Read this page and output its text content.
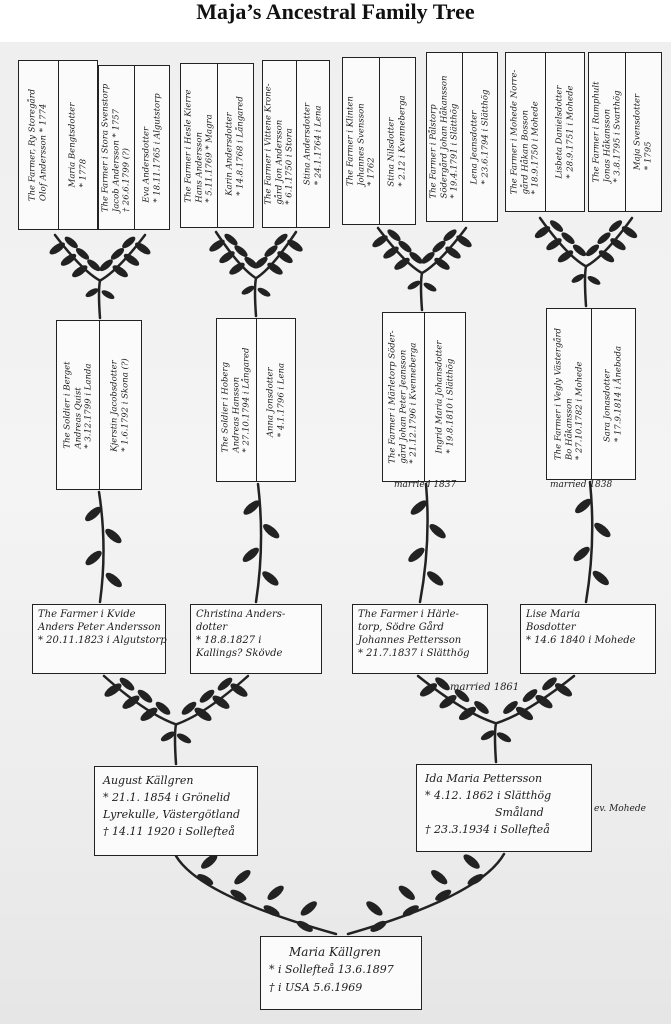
Maja’s Ancestral Family Tree
The Farmer, Ry Storegård Olof Andersson * 1774 Maria Bengtsdotter * 1778 The Farmer i Stora Svenstorp Jacob Andersson * 1757 † 26.6.1799 (?) Eva Andersdotter * 18.11.1765 i Algutstorp	The Farmer i Hesle Kierre Hans Andersson * 5.11.1769 * Magra Karin Andersdotter * 14.8.1768 i Långared The Farmer i Vittene Krone- gård Jon Andersson * 6.1.1750 i Stora Stina Andersdotter * 24.1.1764 i Lena	The Farmer i Klinten Johannes Svensson * 1762 Stina Nilsdotter * 2.12 i Kvenneberga	The Farmer i Pålstorp Södergård Johan Håkansson * 19.4.1791 i Slätthög Lena Jeansdotter * 23.6.1794 i Slätthög The Farmer i Mohede Norre- gård Håkan Bosson * 18.9.1750 i Mohede Lisbeta Danielsdotter * 28.9.1751 i Mohede The Farmer i Rumphult Jonas Håkansson * 3.8.1795 i Svarthög Maja Svensdotter * 1795
The Soldier i Berget Andreas Quist * 3.12.1799 i Landa Kjerstin Jacobsdotter * 1.6.1792 i Skona (?)	The Soldier i Hoberg Andreas Hansson * 27.10.1794 i Långared Anna Jonsdotter * 4.1.1796 i Lena	The Farmer i Märletorp Söder- gård Johan Peter Jeansson * 21.12.1796 i Kvenneberga Ingrid Maria Johansdotter * 19.8.1810 i Slätthög	The Farmer i Vegly Västergård Bo Håkansson * 27.10.1782 i Mohede Sara Jonasdotter * 17.9.1814 i Åneboda
married 1837	married 1838
The Farmer i Kvide
Anders Peter Andersson
* 20.11.1823 i Algutstorp
Christina Anders-
dotter
* 18.8.1827 i
Kallings? Skövde
The Farmer i Härle-
torp, Södre Gård
Johannes Pettersson
* 21.7.1837 i Slätthög
Lise Maria
Bosdotter
* 14.6 1840 i Mohede
married 1861
August Källgren
* 21.1. 1854 i Grönelid
Lyrekulle, Västergötland
† 14.11 1920 i Sollefteå
Ida Maria Pettersson
* 4.12. 1862 i Slätthög
Småland
† 23.3.1934 i Sollefteå
ev. Mohede
Maria Källgren
* i Sollefteå 13.6.1897
† i USA 5.6.1969
